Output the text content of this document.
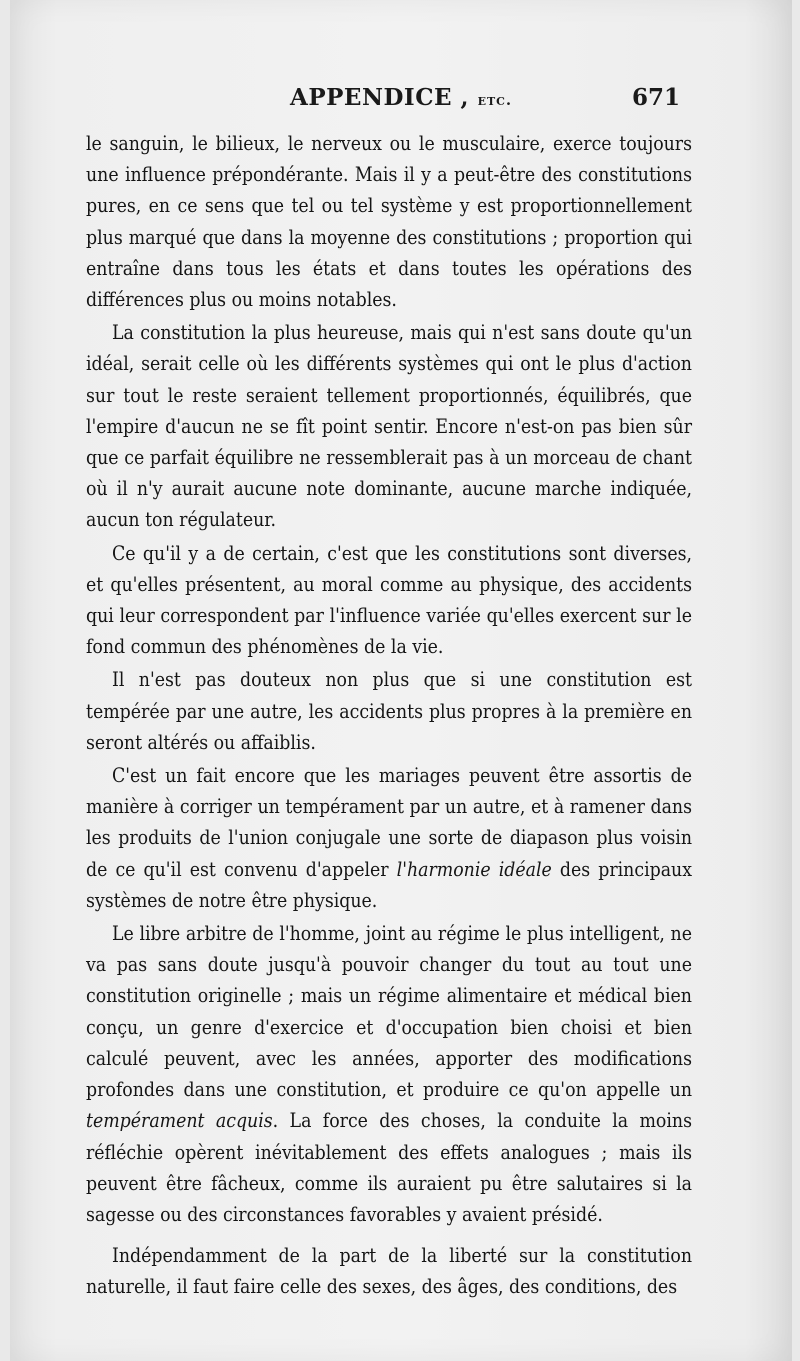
APPENDICE , etc.	671

le sanguin, le bilieux, le nerveux ou le musculaire, exerce toujours une influence prépondérante. Mais il y a peut-être des constitutions pures, en ce sens que tel ou tel système y est proportionnellement plus marqué que dans la moyenne des constitutions ; proportion qui entraîne dans tous les états et dans toutes les opérations des différences plus ou moins notables.

La constitution la plus heureuse, mais qui n'est sans doute qu'un idéal, serait celle où les différents systèmes qui ont le plus d'action sur tout le reste seraient tellement proportionnés, équilibrés, que l'empire d'aucun ne se fît point sentir. Encore n'est-on pas bien sûr que ce parfait équilibre ne ressemblerait pas à un morceau de chant où il n'y aurait aucune note dominante, aucune marche indiquée, aucun ton régulateur.

Ce qu'il y a de certain, c'est que les constitutions sont diverses, et qu'elles présentent, au moral comme au physique, des accidents qui leur correspondent par l'influence variée qu'elles exercent sur le fond commun des phénomènes de la vie.

Il n'est pas douteux non plus que si une constitution est tempérée par une autre, les accidents plus propres à la première en seront altérés ou affaiblis.

C'est un fait encore que les mariages peuvent être assortis de manière à corriger un tempérament par un autre, et à ramener dans les produits de l'union conjugale une sorte de diapason plus voisin de ce qu'il est convenu d'appeler l'harmonie idéale des principaux systèmes de notre être physique.

Le libre arbitre de l'homme, joint au régime le plus intelligent, ne va pas sans doute jusqu'à pouvoir changer du tout au tout une constitution originelle ; mais un régime alimentaire et médical bien conçu, un genre d'exercice et d'occupation bien choisi et bien calculé peuvent, avec les années, apporter des modifications profondes dans une constitution, et produire ce qu'on appelle un tempérament acquis. La force des choses, la conduite la moins réfléchie opèrent inévitablement des effets analogues ; mais ils peuvent être fâcheux, comme ils auraient pu être salutaires si la sagesse ou des circonstances favorables y avaient présidé.

Indépendamment de la part de la liberté sur la constitution naturelle, il faut faire celle des sexes, des âges, des conditions, des
